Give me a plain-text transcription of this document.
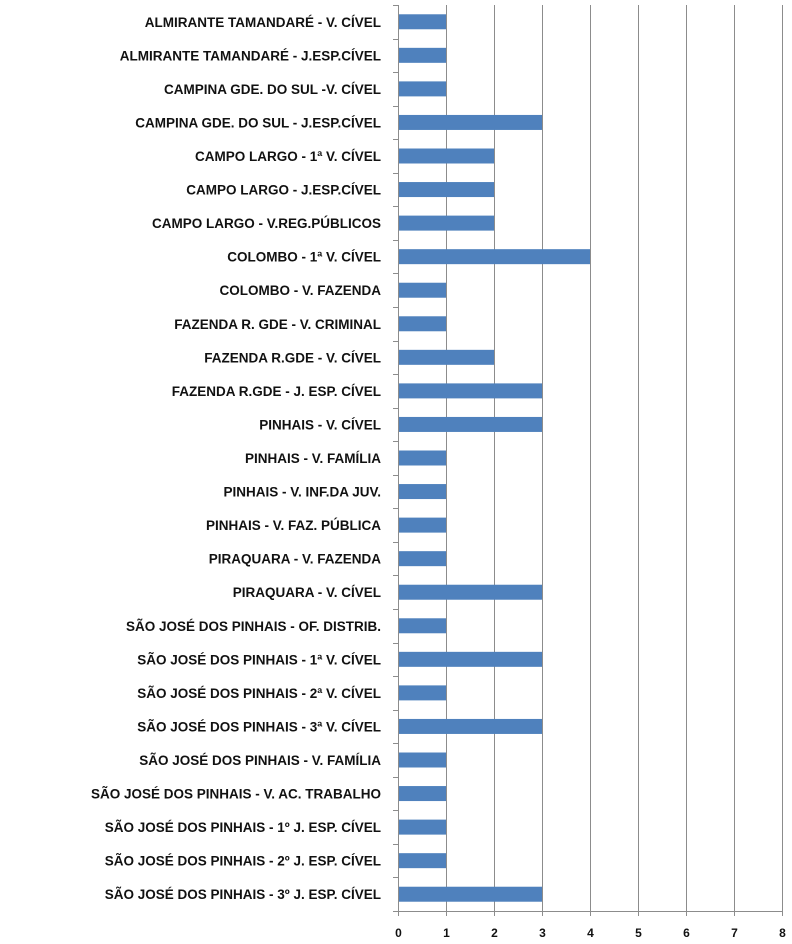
ALMIRANTE TAMANDARÉ - V. CÍVEL
ALMIRANTE TAMANDARÉ - J.ESP.CÍVEL
CAMPINA GDE. DO SUL -V. CÍVEL
CAMPINA GDE. DO SUL - J.ESP.CÍVEL
CAMPO LARGO - 1ª V. CÍVEL
CAMPO LARGO - J.ESP.CÍVEL
CAMPO LARGO - V.REG.PÚBLICOS
COLOMBO - 1ª V. CÍVEL
COLOMBO - V. FAZENDA
FAZENDA R. GDE - V. CRIMINAL
FAZENDA R.GDE - V. CÍVEL
FAZENDA R.GDE - J. ESP. CÍVEL
PINHAIS - V. CÍVEL
PINHAIS - V. FAMÍLIA
PINHAIS - V. INF.DA JUV.
PINHAIS - V. FAZ. PÚBLICA
PIRAQUARA - V. FAZENDA
PIRAQUARA - V. CÍVEL
SÃO JOSÉ DOS PINHAIS - OF. DISTRIB.
SÃO JOSÉ DOS PINHAIS - 1ª V. CÍVEL
SÃO JOSÉ DOS PINHAIS - 2ª V. CÍVEL
SÃO JOSÉ DOS PINHAIS - 3ª V. CÍVEL
SÃO JOSÉ DOS PINHAIS - V. FAMÍLIA
SÃO JOSÉ DOS PINHAIS - V. AC. TRABALHO
SÃO JOSÉ DOS PINHAIS - 1º J. ESP. CÍVEL
SÃO JOSÉ DOS PINHAIS - 2º J. ESP. CÍVEL
SÃO JOSÉ DOS PINHAIS - 3º J. ESP. CÍVEL
0	1	2	3	4	5	6	7	8
